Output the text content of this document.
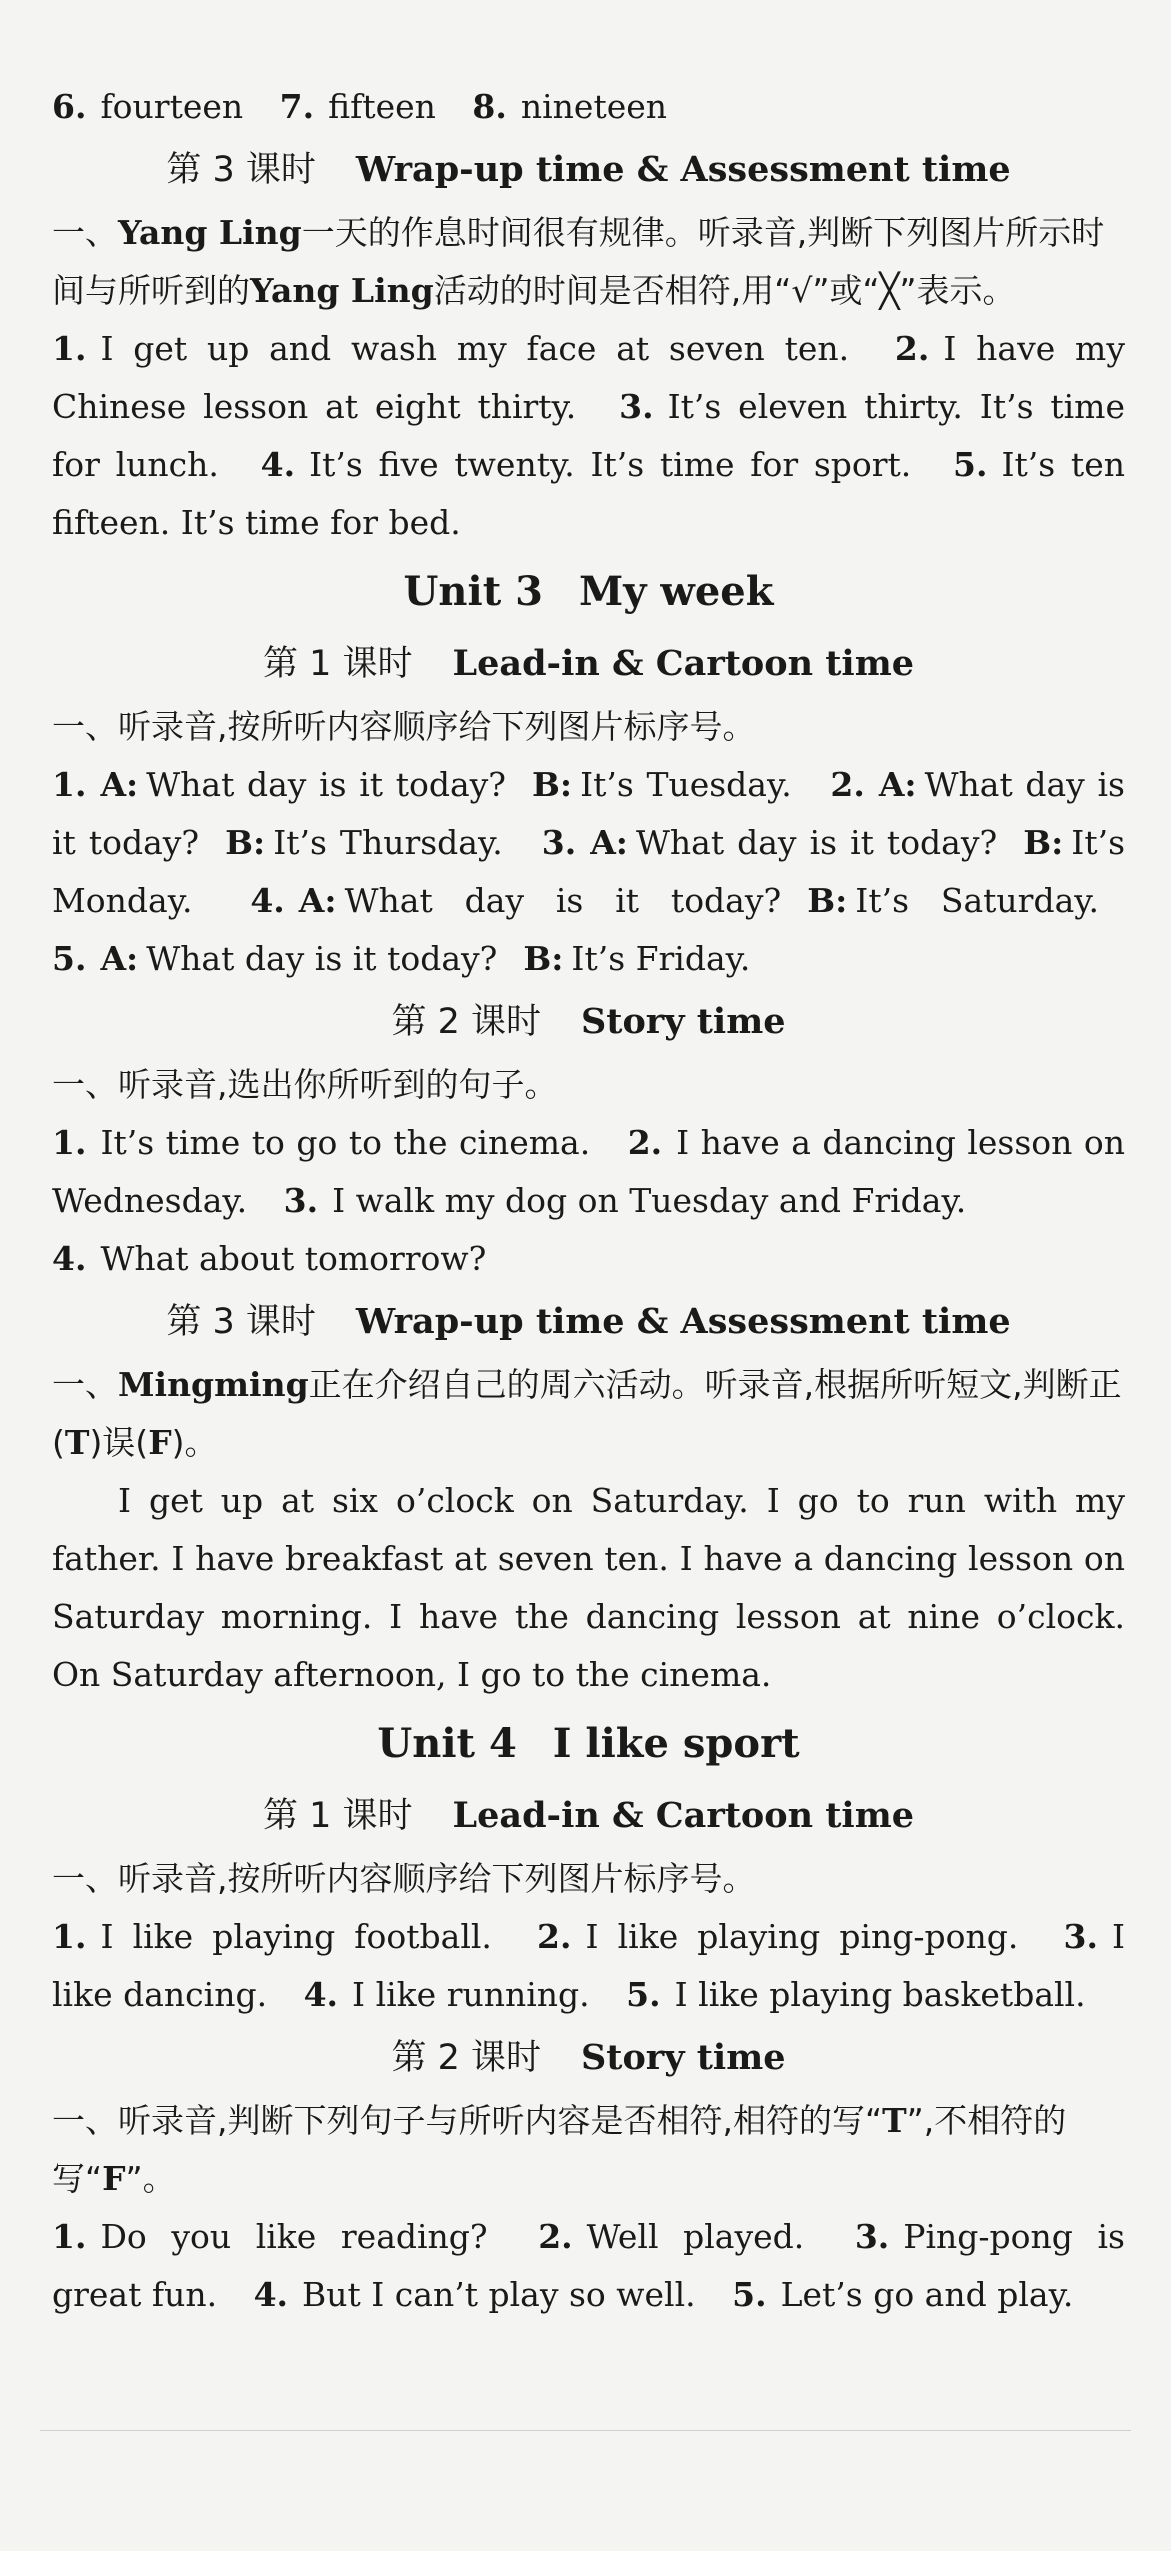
6. fourteen 7. fifteen 8. nineteen
第 3 课时 Wrap-up time & Assessment time
一、Yang Ling一天的作息时间很有规律。听录音,判断下列图片所示时间与所听到的Yang Ling活动的时间是否相符,用“√”或“╳”表示。
1. I get up and wash my face at seven ten. 2. I have my Chinese lesson at eight thirty. 3. It’s eleven thirty. It’s time for lunch. 4. It’s five twenty. It’s time for sport. 5. It’s ten fifteen. It’s time for bed.
Unit 3 My week
第 1 课时 Lead-in & Cartoon time
一、听录音,按所听内容顺序给下列图片标序号。
1. A: What day is it today? B: It’s Tuesday. 2. A: What day is it today? B: It’s Thursday. 3. A: What day is it today? B: It’s Monday. 4. A: What day is it today? B: It’s Saturday. 5. A: What day is it today? B: It’s Friday.
第 2 课时 Story time
一、听录音,选出你所听到的句子。
1. It’s time to go to the cinema. 2. I have a dancing lesson on Wednesday. 3. I walk my dog on Tuesday and Friday.
4. What about tomorrow?
第 3 课时 Wrap-up time & Assessment time
一、Mingming正在介绍自己的周六活动。听录音,根据所听短文,判断正(T)误(F)。
I get up at six o’clock on Saturday. I go to run with my father. I have breakfast at seven ten. I have a dancing lesson on Saturday morning. I have the dancing lesson at nine o’clock. On Saturday afternoon, I go to the cinema.
Unit 4 I like sport
第 1 课时 Lead-in & Cartoon time
一、听录音,按所听内容顺序给下列图片标序号。
1. I like playing football. 2. I like playing ping-pong. 3. I like dancing. 4. I like running. 5. I like playing basketball.
第 2 课时 Story time
一、听录音,判断下列句子与所听内容是否相符,相符的写“T”,不相符的写“F”。
1. Do you like reading? 2. Well played. 3. Ping-pong is great fun. 4. But I can’t play so well. 5. Let’s go and play.
